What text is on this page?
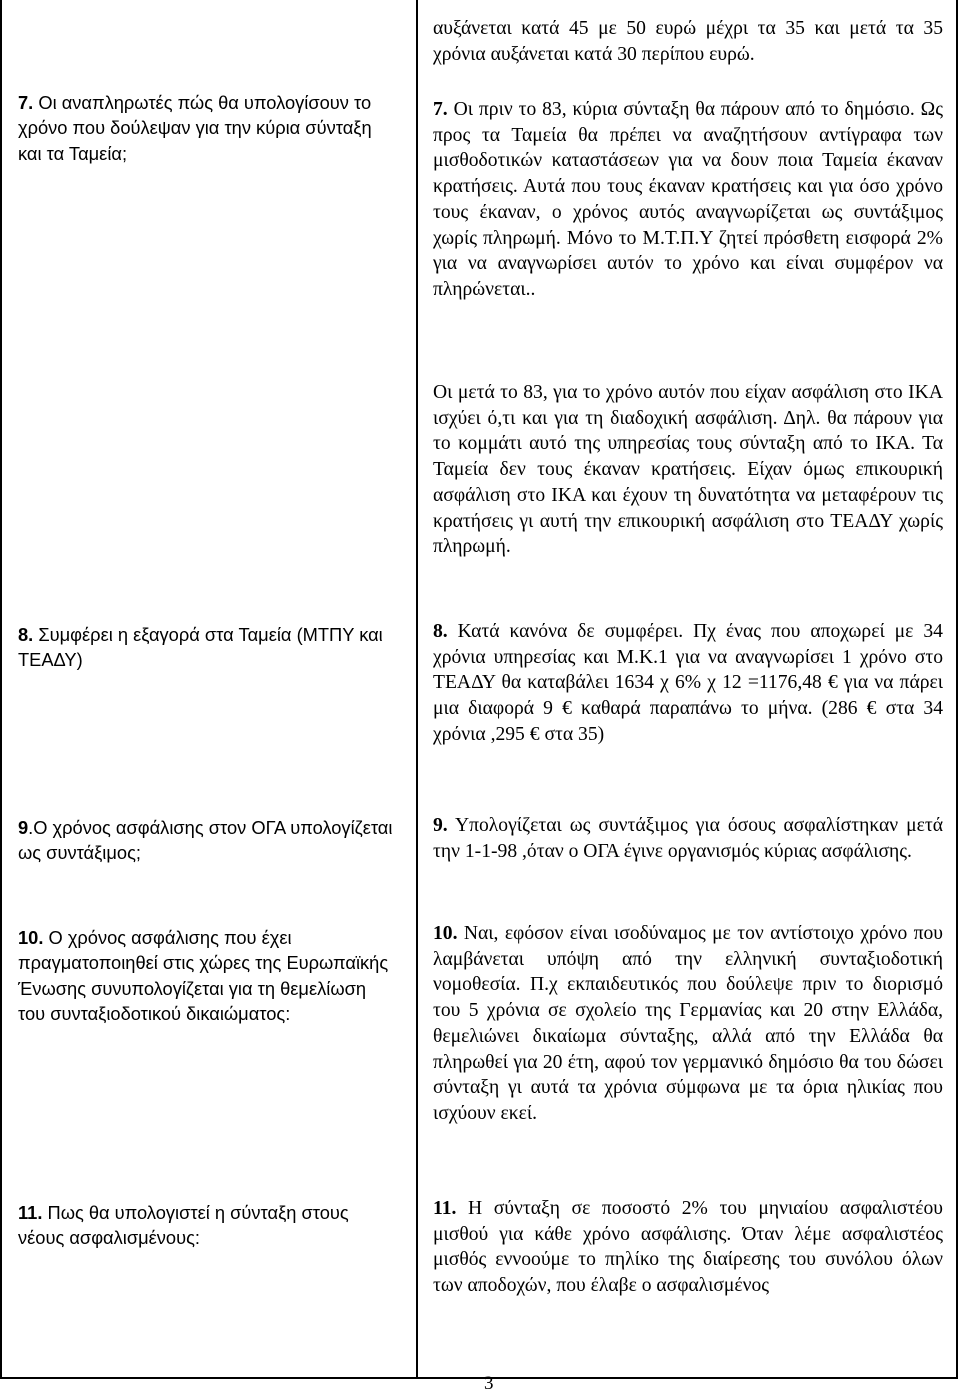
7. Οι αναπληρωτές πώς θα υπολογίσουν το χρόνο που δούλεψαν για την κύρια σύνταξη και τα Ταμεία;
8. Συμφέρει η εξαγορά στα Ταμεία (ΜΤΠΥ και ΤΕΑΔΥ)
9.Ο χρόνος ασφάλισης στον ΟΓΑ υπολογίζεται ως συντάξιμος;
10. Ο χρόνος ασφάλισης που έχει πραγματοποιηθεί στις χώρες της Ευρωπαϊκής Ένωσης συνυπολογίζεται για τη θεμελίωση του συνταξιοδοτικού δικαιώματος:
11. Πως θα υπολογιστεί η σύνταξη στους νέους ασφαλισμένους:
αυξάνεται κατά 45 με 50 ευρώ μέχρι τα 35 και μετά τα 35 χρόνια αυξάνεται κατά 30 περίπου ευρώ.
7. Οι πριν το 83, κύρια σύνταξη θα πάρουν από το δημόσιο. Ως προς τα Ταμεία θα πρέπει να αναζητήσουν αντίγραφα των μισθοδοτικών καταστάσεων για να δουν ποια Ταμεία έκαναν κρατήσεις. Αυτά που τους έκαναν κρατήσεις και για όσο χρόνο τους έκαναν, ο χρόνος αυτός αναγνωρίζεται ως συντάξιμος χωρίς πληρωμή. Μόνο το Μ.Τ.Π.Υ ζητεί πρόσθετη εισφορά 2% για να αναγνωρίσει αυτόν το χρόνο και είναι συμφέρον να πληρώνεται..
Οι μετά το 83, για το χρόνο αυτόν που είχαν ασφάλιση στο ΙΚΑ ισχύει ό,τι και για τη διαδοχική ασφάλιση. Δηλ. θα πάρουν για το κομμάτι αυτό της υπηρεσίας τους σύνταξη από το ΙΚΑ. Τα Ταμεία δεν τους έκαναν κρατήσεις. Είχαν όμως επικουρική ασφάλιση στο ΙΚΑ και έχουν τη δυνατότητα να μεταφέρουν τις κρατήσεις γι αυτή την επικουρική ασφάλιση στο ΤΕΑΔΥ χωρίς πληρωμή.
8. Κατά κανόνα δε συμφέρει. Πχ ένας που αποχωρεί με 34 χρόνια υπηρεσίας και Μ.Κ.1 για να αναγνωρίσει 1 χρόνο στο ΤΕΑΔΥ θα καταβάλει 1634 χ 6% χ 12 =1176,48 € για να πάρει μια διαφορά 9 € καθαρά παραπάνω το μήνα. (286 € στα 34 χρόνια ,295 € στα 35)
9. Υπολογίζεται ως συντάξιμος για όσους ασφαλίστηκαν μετά την 1-1-98 ,όταν ο ΟΓΑ έγινε οργανισμός κύριας ασφάλισης.
10. Ναι, εφόσον είναι ισοδύναμος με τον αντίστοιχο χρόνο που λαμβάνεται υπόψη από την ελληνική συνταξιοδοτική νομοθεσία. Π.χ εκπαιδευτικός που δούλεψε πριν το διορισμό του 5 χρόνια σε σχολείο της Γερμανίας και 20 στην Ελλάδα, θεμελιώνει δικαίωμα σύνταξης, αλλά από την Ελλάδα θα πληρωθεί για 20 έτη, αφού τον γερμανικό δημόσιο θα του δώσει σύνταξη γι αυτά τα χρόνια σύμφωνα με τα όρια ηλικίας που ισχύουν εκεί.
11. Η σύνταξη σε ποσοστό 2% του μηνιαίου ασφαλιστέου μισθού για κάθε χρόνο ασφάλισης. Όταν λέμε ασφαλιστέος μισθός εννοούμε το πηλίκο της διαίρεσης του συνόλου όλων των αποδοχών, που έλαβε ο ασφαλισμένος
3
